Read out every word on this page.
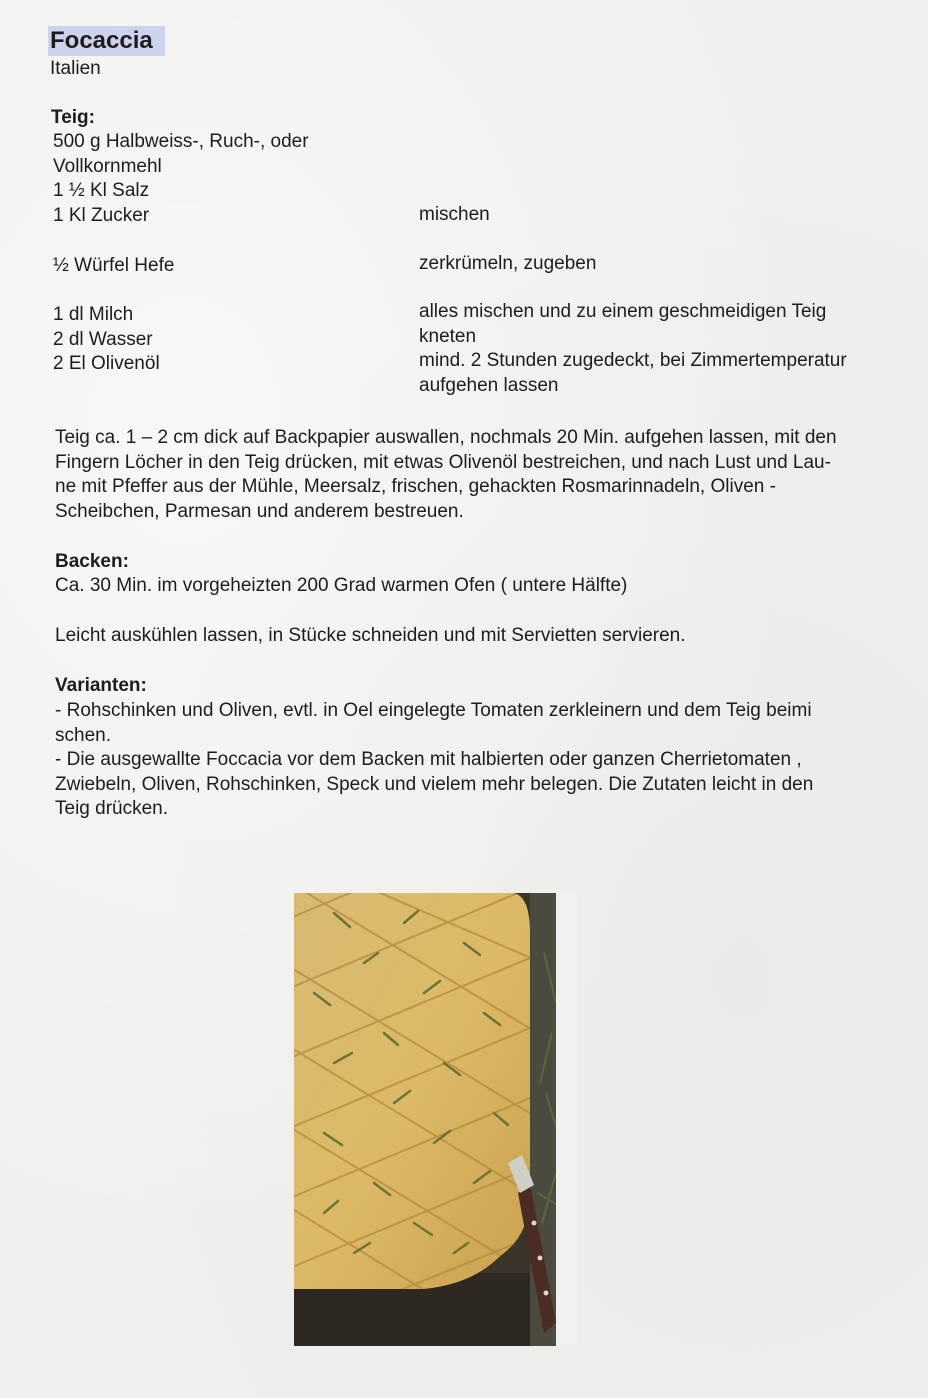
Focaccia
Italien
Teig:
500 g Halbweiss-, Ruch-, oder
Vollkornmehl
1 ½ Kl Salz
1 Kl Zucker	mischen
½ Würfel Hefe	zerkrümeln, zugeben
1 dl Milch
2 dl Wasser
2 El Olivenöl
alles mischen und zu einem geschmeidigen Teig
kneten
mind. 2 Stunden zugedeckt, bei Zimmertemperatur
aufgehen lassen
Teig ca. 1 – 2 cm dick auf Backpapier auswallen, nochmals 20 Min. aufgehen lassen, mit den
Fingern Löcher in den Teig drücken, mit etwas Olivenöl bestreichen, und nach Lust und Lau-
ne mit Pfeffer aus der Mühle, Meersalz, frischen, gehackten Rosmarinnadeln, Oliven -
Scheibchen, Parmesan und anderem bestreuen.
Backen:
Ca. 30 Min. im vorgeheizten 200 Grad warmen Ofen ( untere Hälfte)
Leicht auskühlen lassen, in Stücke schneiden und mit Servietten servieren.
Varianten:
- Rohschinken und Oliven, evtl. in Oel eingelegte Tomaten zerkleinern und dem Teig beimi
schen.
- Die ausgewallte Foccacia vor dem Backen mit halbierten oder ganzen Cherrietomaten ,
Zwiebeln, Oliven, Rohschinken, Speck und vielem mehr belegen. Die Zutaten leicht in den
Teig drücken.
